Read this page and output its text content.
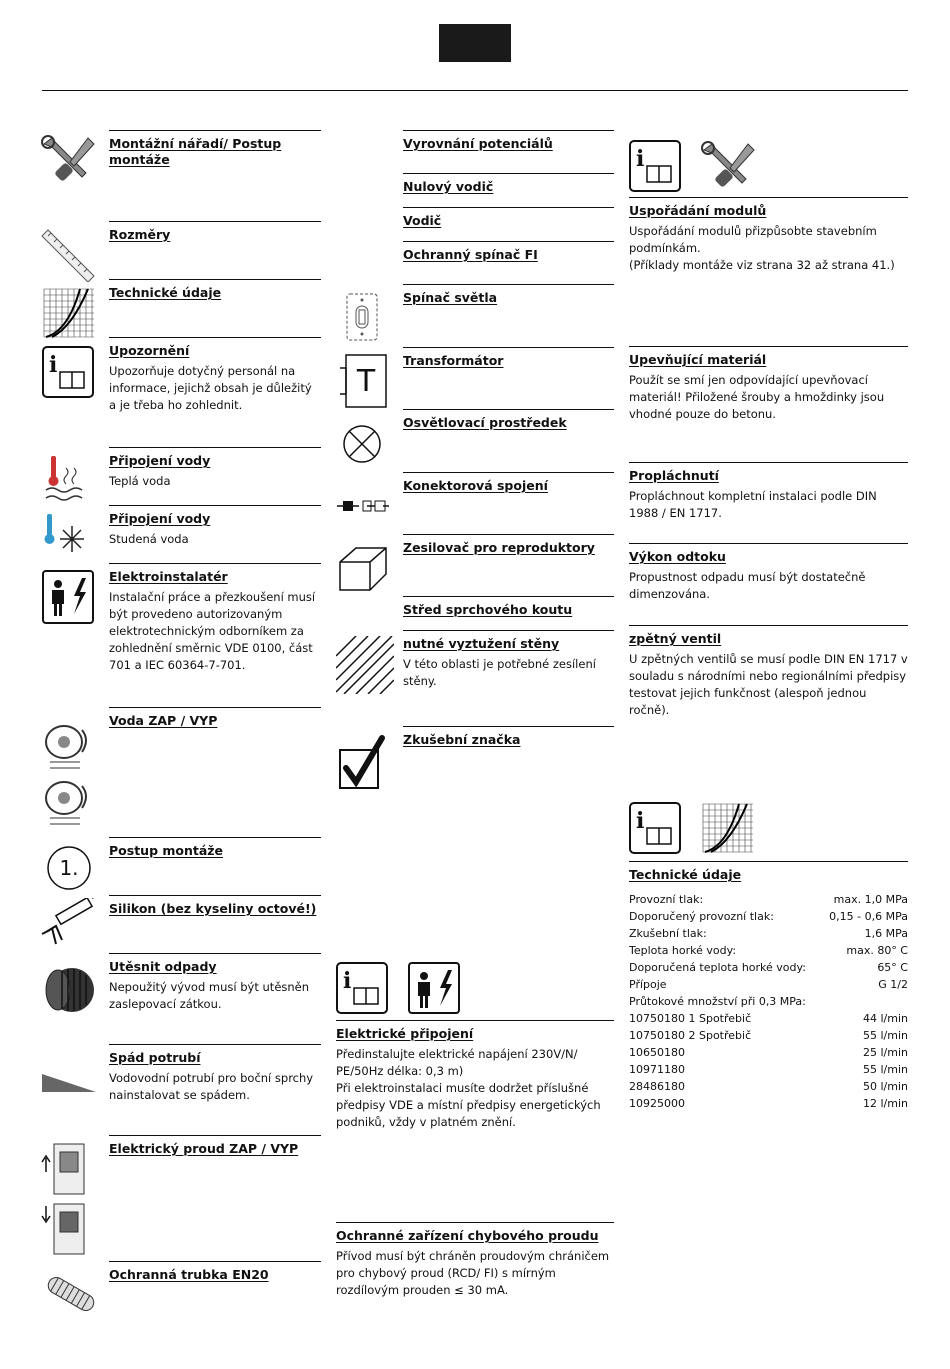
Montážní nářadí/ Postup montáže
Rozměry
Technické údaje
Upozornění
Upozorňuje dotyčný personál na informace, jejichž obsah je důležitý a je třeba ho zohlednit.
Připojení vody
Teplá voda
Připojení vody
Studená voda
Elektroinstalatér
Instalační práce a přezkoušení musí být provedeno autorizovaným elektrotechnickým odborníkem za zohlednění směrnic VDE 0100, část 701 a IEC 60364-7-701.
Voda ZAP / VYP
Postup montáže
Silikon (bez kyseliny octové!)
Utěsnit odpady
Nepoužitý vývod musí být utěsněn zaslepovací zátkou.
Spád potrubí
Vodovodní potrubí pro boční sprchy nainstalovat se spádem.
Elektrický proud ZAP / VYP
Ochranná trubka EN20
i
1.
Vyrovnání potenciálů
Nulový vodič
Vodič
Ochranný spínač FI
Spínač světla
Transformátor
Osvětlovací prostředek
Konektorová spojení
Zesilovač pro reproduktory
Střed sprchového koutu
nutné vyztužení stěny
V této oblasti je potřebné zesílení stěny.
Zkušební značka
Elektrické připojení
Předinstalujte elektrické napájení 230V/N/ PE/50Hz délka: 0,3 m)
Při elektroinstalaci musíte dodržet příslušné předpisy VDE a místní předpisy energetických podniků, vždy v platném znění.
Ochranné zařízení chybového proudu
Přívod musí být chráněn proudovým chráničem pro chybový proud (RCD/ FI) s mírným rozdílovým prouden ≤ 30 mA.
T
i
i
Uspořádání modulů
Uspořádání modulů přizpůsobte stavebním podmínkám.
(Příklady montáže viz strana 32 až strana 41.)
Upevňující materiál
Použít se smí jen odpovídající upevňovací materiál! Přiložené šrouby a hmoždinky jsou vhodné pouze do betonu.
Propláchnutí
Propláchnout kompletní instalaci podle DIN 1988 / EN 1717.
Výkon odtoku
Propustnost odpadu musí být dostatečně dimenzována.
zpětný ventil
U zpětných ventilů se musí podle DIN EN 1717 v souladu s národními nebo regionálními předpisy testovat jejich funkčnost (alespoň jednou ročně).
i
Technické údaje
Provozní tlak:	max. 1,0 MPa
Doporučený provozní tlak:	0,15 - 0,6 MPa
Zkušební tlak:	1,6 MPa
Teplota horké vody:	max. 80° C
Doporučená teplota horké vody:	65° C
Přípoje	G 1/2
Průtokové množství při 0,3 MPa:
10750180 1 Spotřebič	44 l/min
10750180 2 Spotřebič	55 l/min
10650180	25 l/min
10971180	55 l/min
28486180	50 l/min
10925000	12 l/min
